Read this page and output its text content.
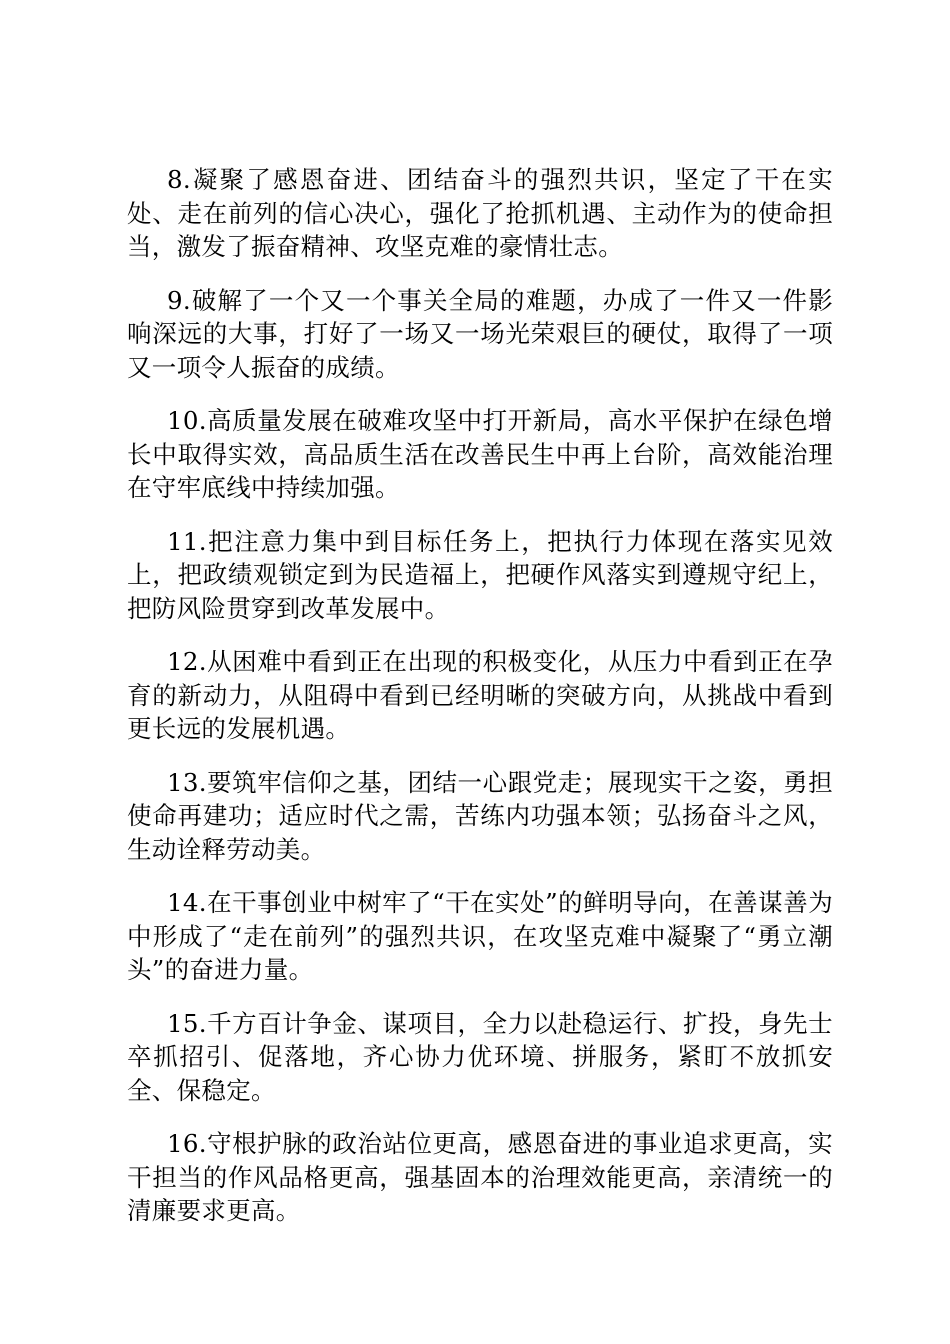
8.凝聚了感恩奋进、团结奋斗的强烈共识，坚定了干在实处、走在前列的信心决心，强化了抢抓机遇、主动作为的使命担当，激发了振奋精神、攻坚克难的豪情壮志。

9.破解了一个又一个事关全局的难题，办成了一件又一件影响深远的大事，打好了一场又一场光荣艰巨的硬仗，取得了一项又一项令人振奋的成绩。

10.高质量发展在破难攻坚中打开新局，高水平保护在绿色增长中取得实效，高品质生活在改善民生中再上台阶，高效能治理在守牢底线中持续加强。

11.把注意力集中到目标任务上，把执行力体现在落实见效上，把政绩观锁定到为民造福上，把硬作风落实到遵规守纪上，把防风险贯穿到改革发展中。

12.从困难中看到正在出现的积极变化，从压力中看到正在孕育的新动力，从阻碍中看到已经明晰的突破方向，从挑战中看到更长远的发展机遇。

13.要筑牢信仰之基，团结一心跟党走；展现实干之姿，勇担使命再建功；适应时代之需，苦练内功强本领；弘扬奋斗之风，生动诠释劳动美。

14.在干事创业中树牢了“干在实处”的鲜明导向，在善谋善为中形成了“走在前列”的强烈共识，在攻坚克难中凝聚了“勇立潮头”的奋进力量。

15.千方百计争金、谋项目，全力以赴稳运行、扩投，身先士卒抓招引、促落地，齐心协力优环境、拼服务，紧盯不放抓安全、保稳定。

16.守根护脉的政治站位更高，感恩奋进的事业追求更高，实干担当的作风品格更高，强基固本的治理效能更高，亲清统一的清廉要求更高。
